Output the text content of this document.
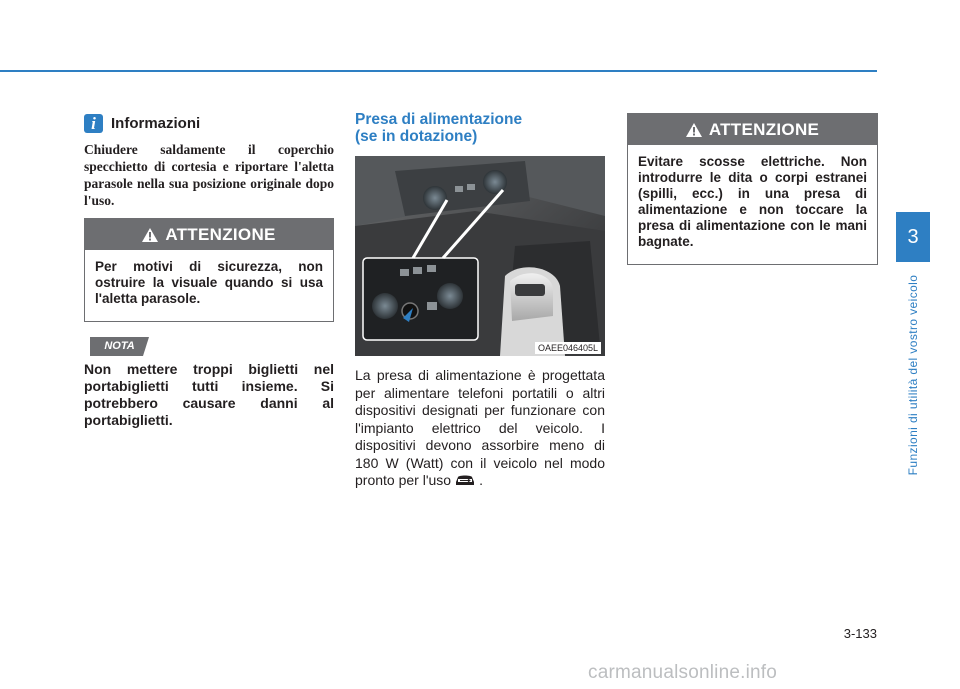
i	Informazioni

Chiudere saldamente il coperchio specchietto di cortesia e riportare l'aletta parasole nella sua posizione originale dopo l'uso.

ATTENZIONE

Per motivi di sicurezza, non ostruire la visuale quando si usa l'aletta parasole.

NOTA

Non mettere troppi biglietti nel portabiglietti tutti insieme. Si potrebbero causare danni al portabiglietti.

Presa di alimentazione
(se in dotazione)
OAEE046405L

La presa di alimentazione è progettata per alimentare telefoni portatili o altri dispositivi designati per funzionare con l'impianto elettrico del veicolo. I dispositivi devono assorbire meno di 180 W (Watt) con il veicolo nel modo pronto per l'uso .

ATTENZIONE

Evitare scosse elettriche. Non introdurre le dita o corpi estranei (spilli, ecc.) in una presa di alimentazione e non toccare la presa di alimentazione con le mani bagnate.	3
Funzioni di utilità del vostro veicolo
3-133
carmanualsonline.info
